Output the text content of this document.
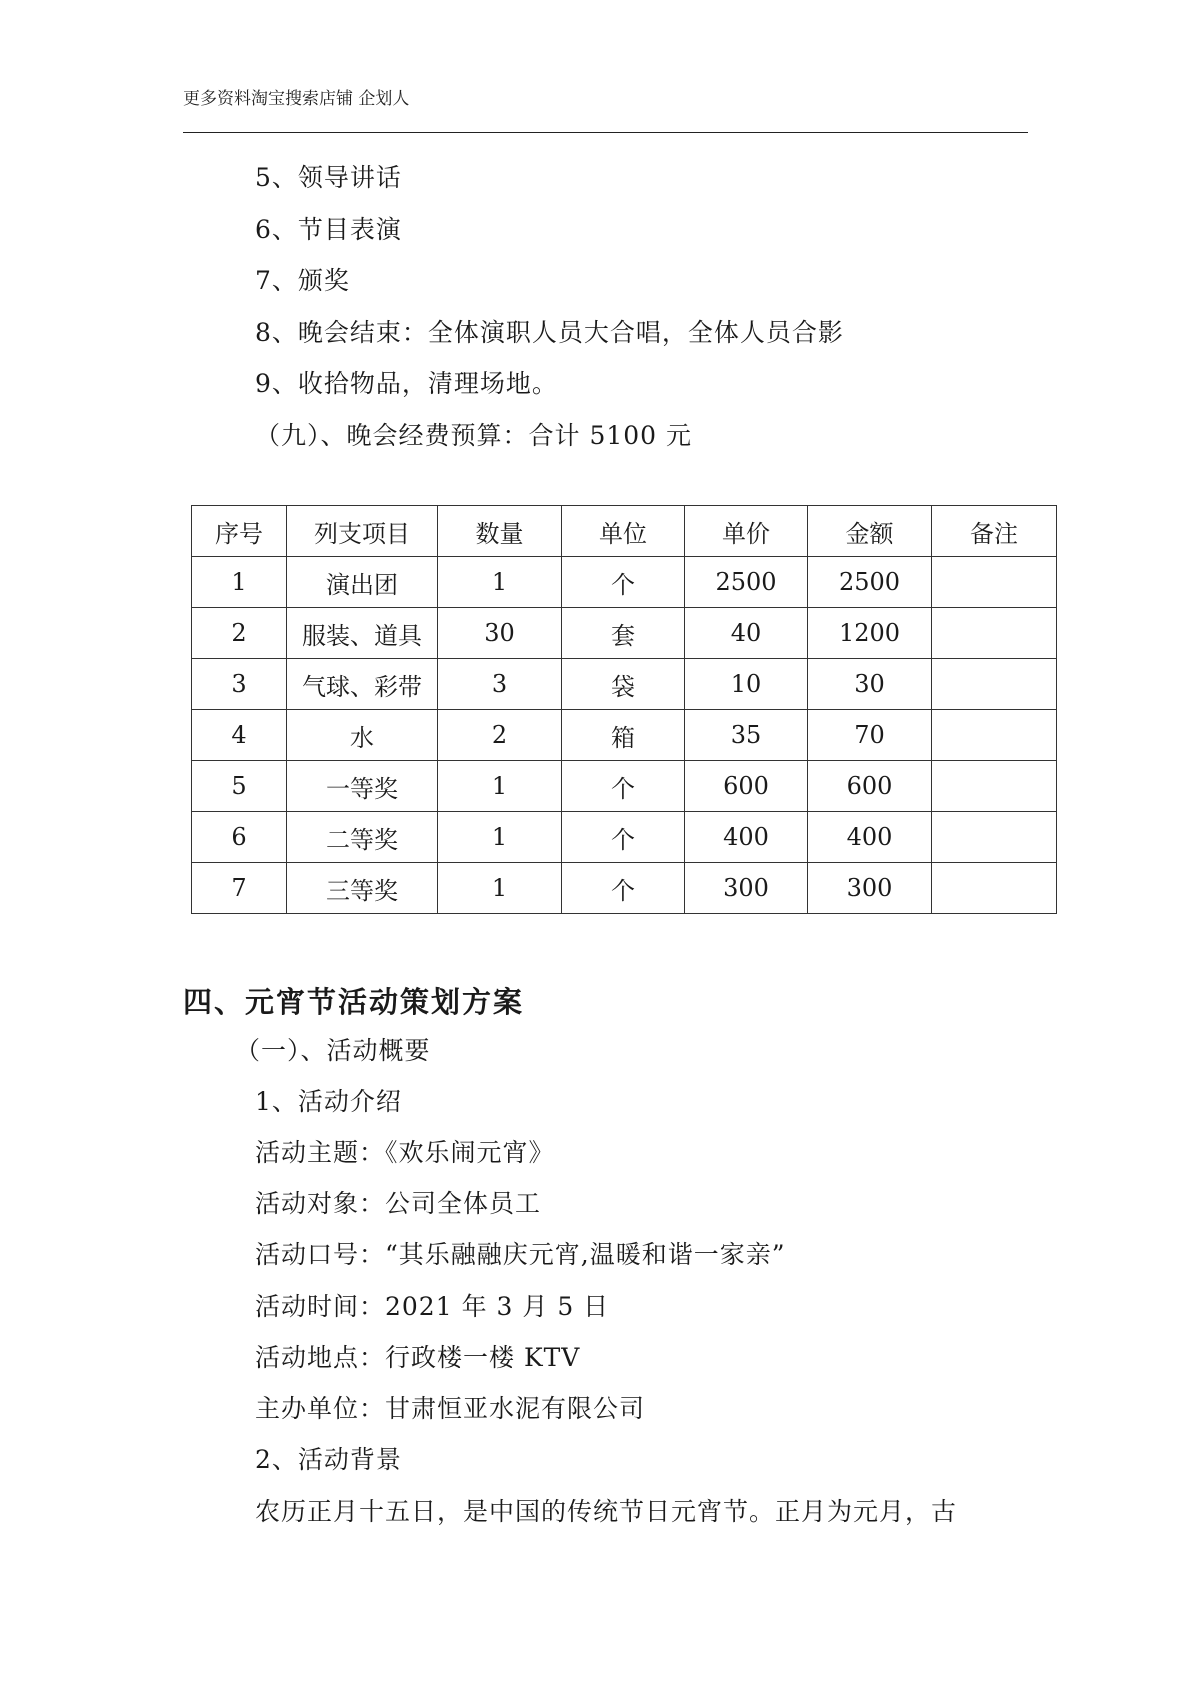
更多资料淘宝搜索店铺 企划人
5、领导讲话
6、节目表演
7、颁奖
8、晚会结束：全体演职人员大合唱，全体人员合影
9、收拾物品，清理场地。
（九）、晚会经费预算：合计 5100 元
序号	列支项目	数量	单位	单价	金额	备注
1	演出团	1	个	2500	2500	
2	服装、道具	30	套	40	1200	
3	气球、彩带	3	袋	10	30	
4	水	2	箱	35	70	
5	一等奖	1	个	600	600	
6	二等奖	1	个	400	400	
7	三等奖	1	个	300	300	
四、元宵节活动策划方案
（一）、活动概要
1、活动介绍
活动主题：《欢乐闹元宵》
活动对象：公司全体员工
活动口号：“其乐融融庆元宵,温暖和谐一家亲”
活动时间：2021 年 3 月 5 日
活动地点：行政楼一楼 KTV
主办单位：甘肃恒亚水泥有限公司
2、活动背景
农历正月十五日，是中国的传统节日元宵节。正月为元月，古
